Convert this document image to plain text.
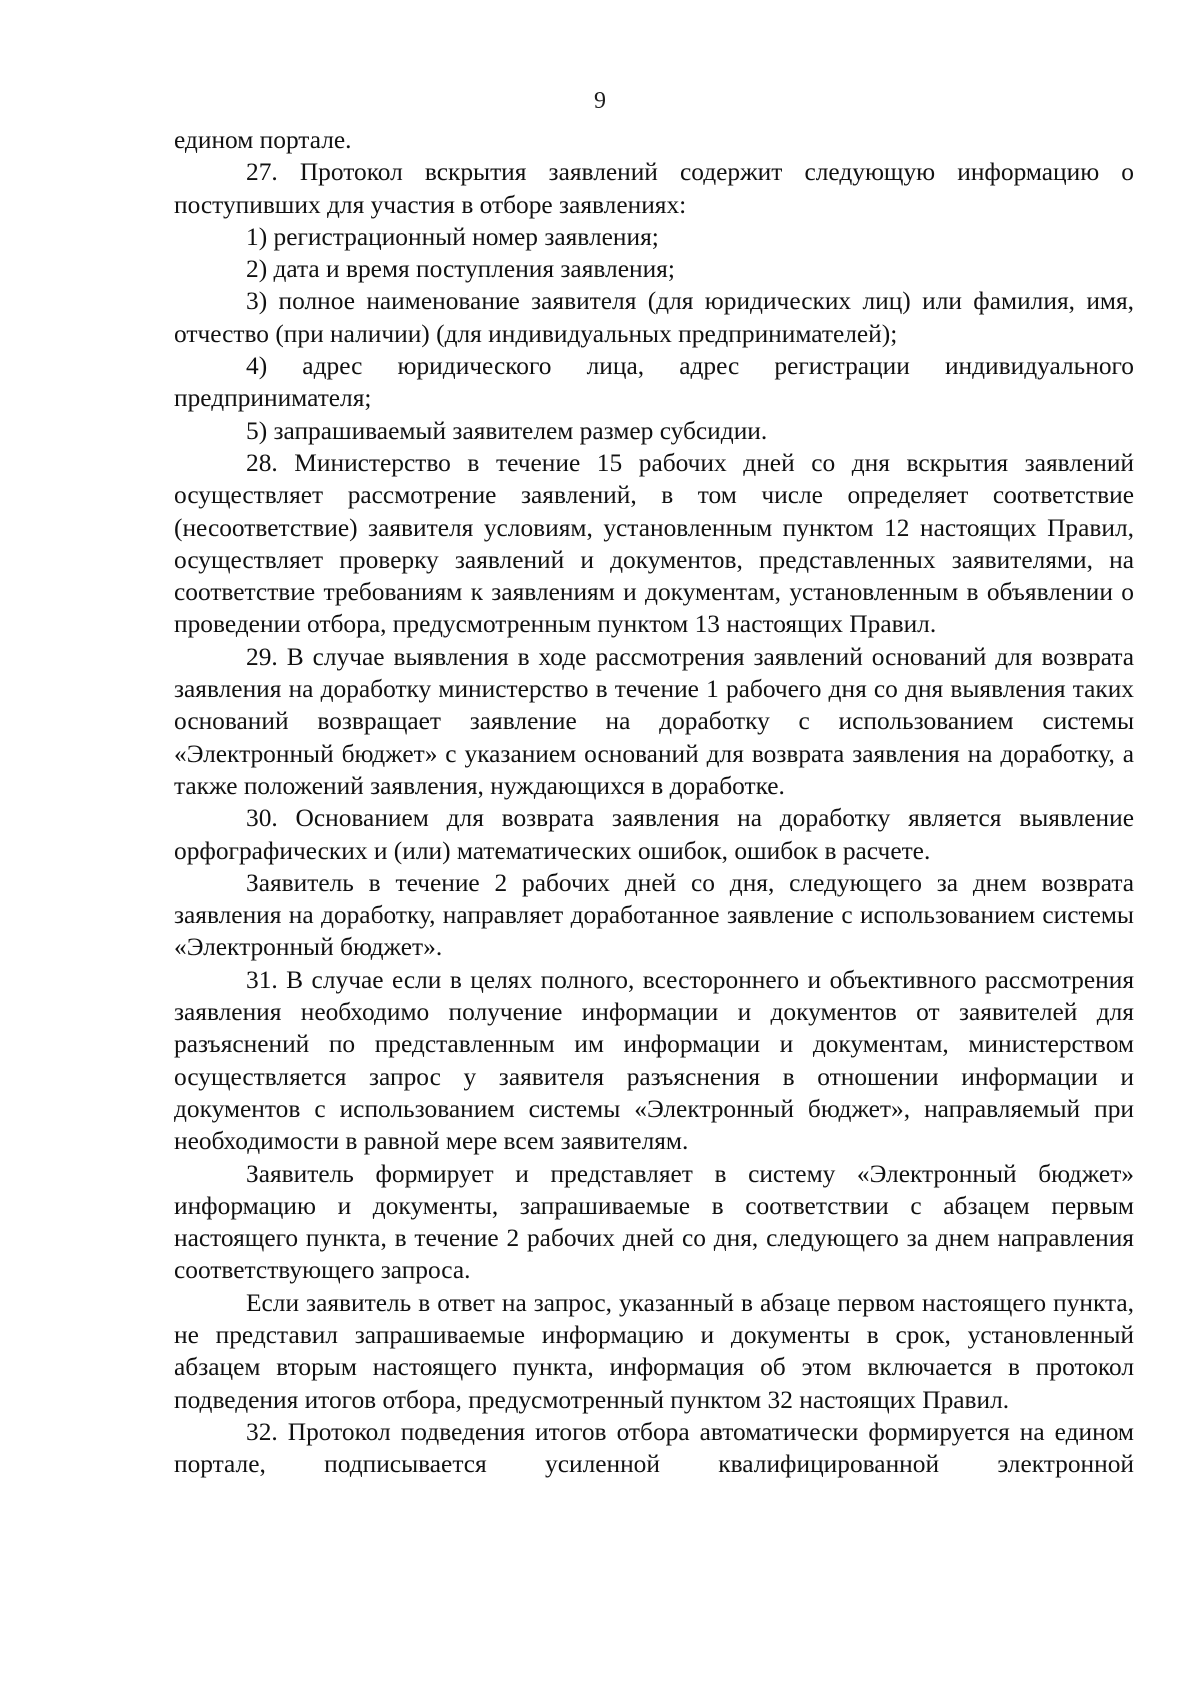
9

едином портале.

27. Протокол вскрытия заявлений содержит следующую информацию о поступивших для участия в отборе заявлениях:

1) регистрационный номер заявления;

2) дата и время поступления заявления;

3) полное наименование заявителя (для юридических лиц) или фамилия, имя, отчество (при наличии) (для индивидуальных предпринимателей);

4) адрес юридического лица, адрес регистрации индивидуального предпринимателя;

5) запрашиваемый заявителем размер субсидии.

28. Министерство в течение 15 рабочих дней со дня вскрытия заявлений осуществляет рассмотрение заявлений, в том числе определяет соответствие (несоответствие) заявителя условиям, установленным пунктом 12 настоящих Правил, осуществляет проверку заявлений и документов, представленных заявителями, на соответствие требованиям к заявлениям и документам, установленным в объявлении о проведении отбора, предусмотренным пунктом 13 настоящих Правил.

29. В случае выявления в ходе рассмотрения заявлений оснований для возврата заявления на доработку министерство в течение 1 рабочего дня со дня выявления таких оснований возвращает заявление на доработку с использованием системы «Электронный бюджет» с указанием оснований для возврата заявления на доработку, а также положений заявления, нуждающихся в доработке.

30. Основанием для возврата заявления на доработку является выявление орфографических и (или) математических ошибок, ошибок в расчете.

Заявитель в течение 2 рабочих дней со дня, следующего за днем возврата заявления на доработку, направляет доработанное заявление с использованием системы «Электронный бюджет».

31. В случае если в целях полного, всестороннего и объективного рассмотрения заявления необходимо получение информации и документов от заявителей для разъяснений по представленным им информации и документам, министерством осуществляется запрос у заявителя разъяснения в отношении информации и документов с использованием системы «Электронный бюджет», направляемый при необходимости в равной мере всем заявителям.

Заявитель формирует и представляет в систему «Электронный бюджет» информацию и документы, запрашиваемые в соответствии с абзацем первым настоящего пункта, в течение 2 рабочих дней со дня, следующего за днем направления соответствующего запроса.

Если заявитель в ответ на запрос, указанный в абзаце первом настоящего пункта, не представил запрашиваемые информацию и документы в срок, установленный абзацем вторым настоящего пункта, информация об этом включается в протокол подведения итогов отбора, предусмотренный пунктом 32 настоящих Правил.

32. Протокол подведения итогов отбора автоматически формируется на едином портале, подписывается усиленной квалифицированной электронной
